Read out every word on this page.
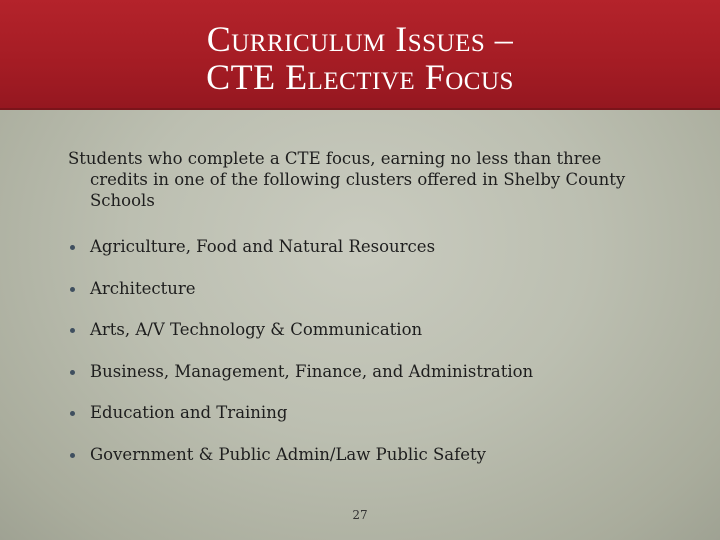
Curriculum Issues –
CTE Elective Focus

Students who complete a CTE focus, earning no less than three credits in one of the following clusters offered in Shelby County Schools

Agriculture, Food and Natural Resources
Architecture
Arts, A/V Technology & Communication
Business, Management, Finance, and Administration
Education and Training
Government & Public Admin/Law Public Safety
27
